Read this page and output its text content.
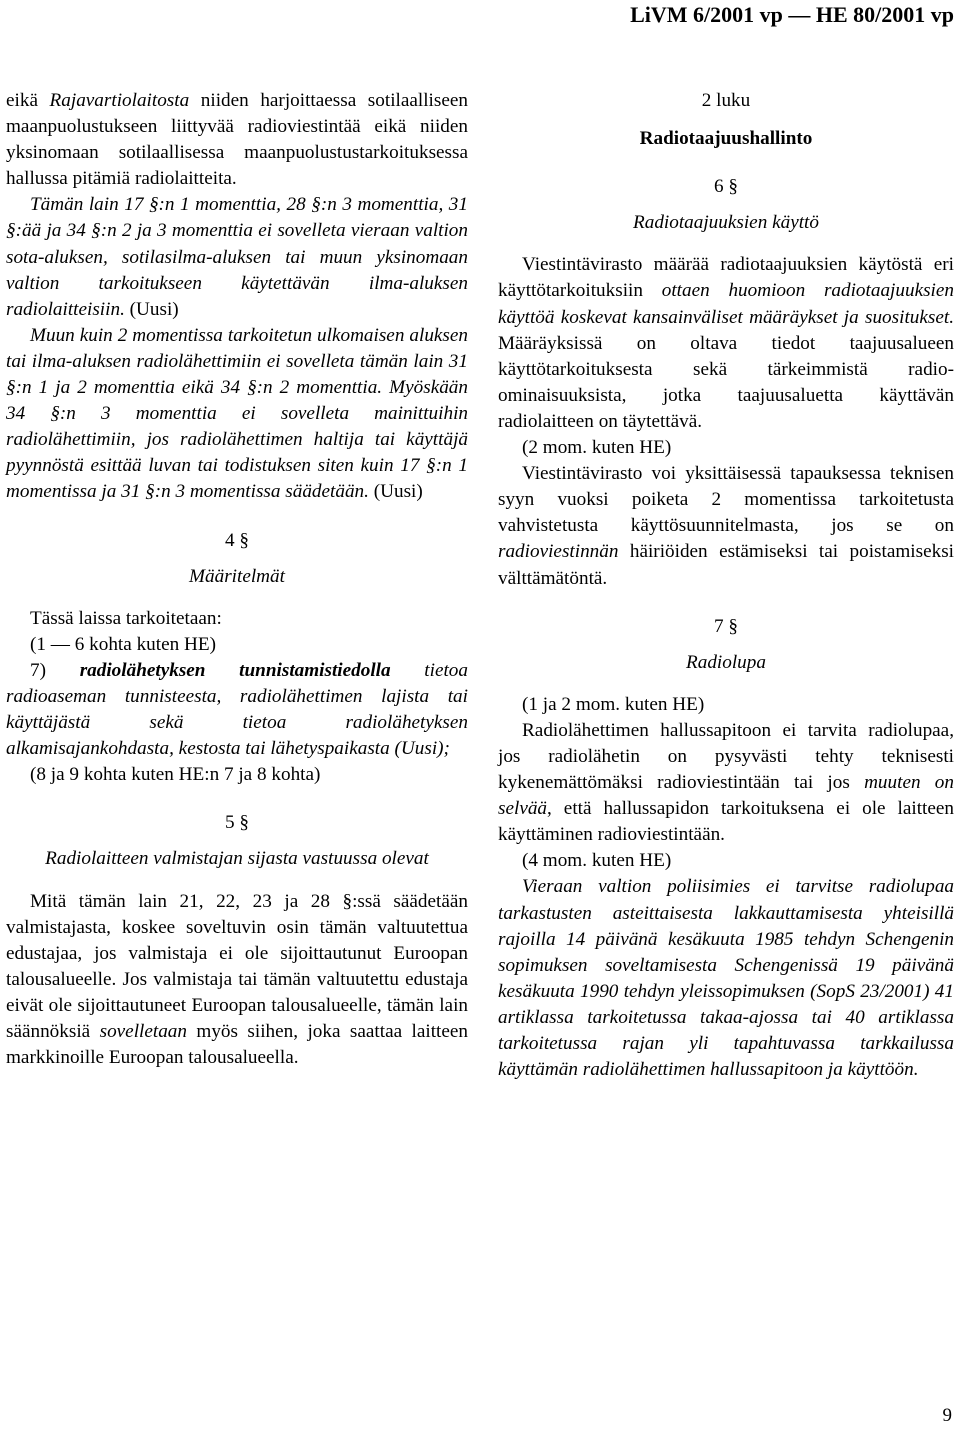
LiVM 6/2001 vp — HE 80/2001 vp

eikä Rajavartiolaitosta niiden harjoittaessa sotilaalliseen maanpuolustukseen liittyvää radioviestintää eikä niiden yksinomaan sotilaallisessa maanpuolustustarkoituksessa hallussa pitämiä radiolaitteita.

Tämän lain 17 §:n 1 momenttia, 28 §:n 3 momenttia, 31 §:ää ja 34 §:n 2 ja 3 momenttia ei sovelleta vieraan valtion sota-aluksen, sotilasilma-aluksen tai muun yksinomaan valtion tarkoitukseen käytettävän ilma-aluksen radiolaitteisiin. (Uusi)

Muun kuin 2 momentissa tarkoitetun ulkomaisen aluksen tai ilma-aluksen radiolähettimiin ei sovelleta tämän lain 31 §:n 1 ja 2 momenttia eikä 34 §:n 2 momenttia. Myöskään 34 §:n 3 momenttia ei sovelleta mainittuihin radiolähettimiin, jos radiolähettimen haltija tai käyttäjä pyynnöstä esittää luvan tai todistuksen siten kuin 17 §:n 1 momentissa ja 31 §:n 3 momentissa säädetään. (Uusi)

4 §

Määritelmät

Tässä laissa tarkoitetaan:

(1 — 6 kohta kuten HE)

7) radiolähetyksen tunnistamistiedolla tietoa radioaseman tunnisteesta, radiolähettimen lajista tai käyttäjästä sekä tietoa radiolähetyksen alkamisajankohdasta, kestosta tai lähetyspaikasta (Uusi);

(8 ja 9 kohta kuten HE:n 7 ja 8 kohta)

5 §

Radiolaitteen valmistajan sijasta vastuussa olevat

Mitä tämän lain 21, 22, 23 ja 28 §:ssä säädetään valmistajasta, koskee soveltuvin osin tämän valtuutettua edustajaa, jos valmistaja ei ole sijoittautunut Euroopan talousalueelle. Jos valmistaja tai tämän valtuutettu edustaja eivät ole sijoittautuneet Euroopan talousalueelle, tämän lain säännöksiä sovelletaan myös siihen, joka saattaa laitteen markkinoille Euroopan talousalueella.

2 luku

Radiotaajuushallinto

6 §

Radiotaajuuksien käyttö

Viestintävirasto määrää radiotaajuuksien käytöstä eri käyttötarkoituksiin ottaen huomioon radiotaajuuksien käyttöä koskevat kansainväliset määräykset ja suositukset. Määräyksissä on oltava tiedot taajuusalueen käyttötarkoituksesta sekä tärkeimmistä radio-ominaisuuksista, jotka taajuusaluetta käyttävän radiolaitteen on täytettävä.

(2 mom. kuten HE)

Viestintävirasto voi yksittäisessä tapauksessa teknisen syyn vuoksi poiketa 2 momentissa tarkoitetusta vahvistetusta käyttösuunnitelmasta, jos se on radioviestinnän häiriöiden estämiseksi tai poistamiseksi välttämätöntä.

7 §

Radiolupa

(1 ja 2 mom. kuten HE)

Radiolähettimen hallussapitoon ei tarvita radiolupaa, jos radiolähetin on pysyvästi tehty teknisesti kykenemättömäksi radioviestintään tai jos muuten on selvää, että hallussapidon tarkoituksena ei ole laitteen käyttäminen radioviestintään.

(4 mom. kuten HE)

Vieraan valtion poliisimies ei tarvitse radiolupaa tarkastusten asteittaisesta lakkauttamisesta yhteisillä rajoilla 14 päivänä kesäkuuta 1985 tehdyn Schengenin sopimuksen soveltamisesta Schengenissä 19 päivänä kesäkuuta 1990 tehdyn yleissopimuksen (SopS 23/2001) 41 artiklassa tarkoitetussa takaa-ajossa tai 40 artiklassa tarkoitetussa rajan yli tapahtuvassa tarkkailussa käyttämän radiolähettimen hallussapitoon ja käyttöön.

9
